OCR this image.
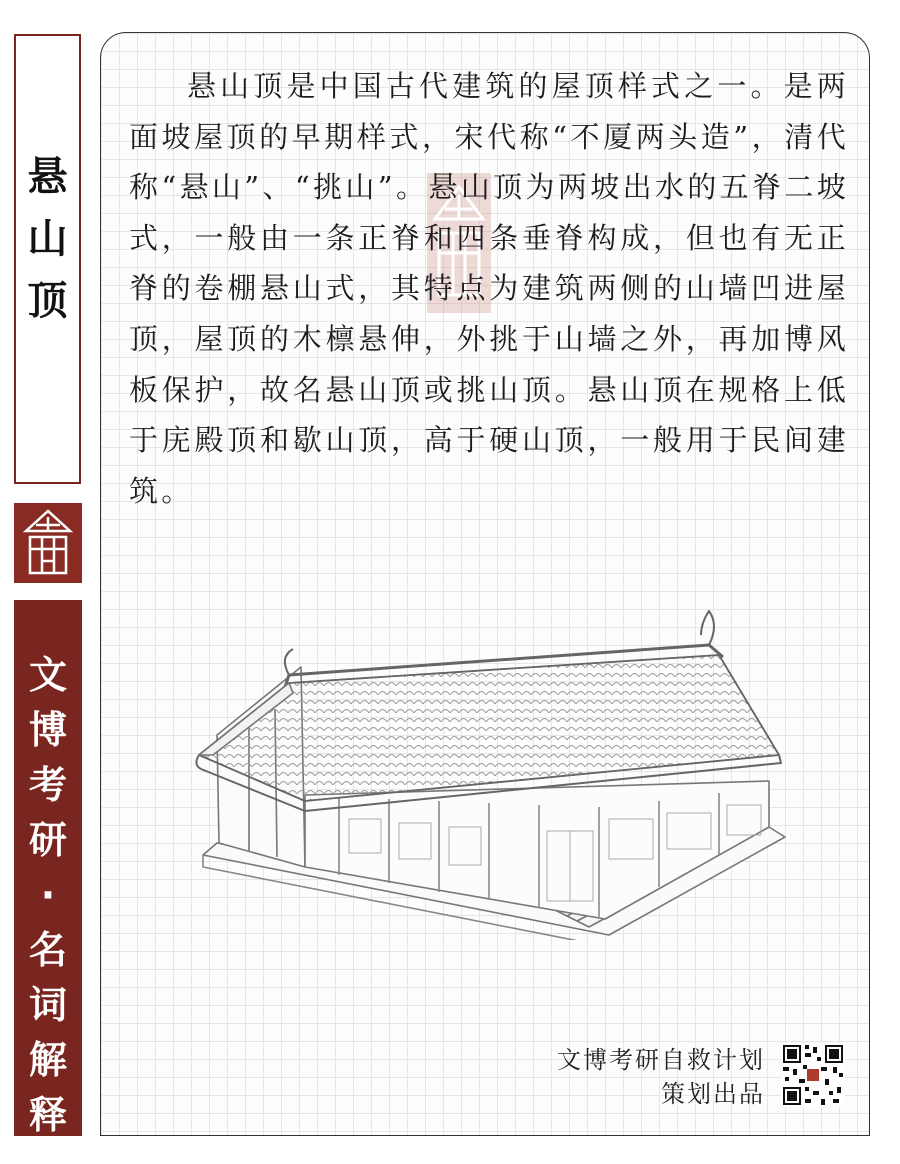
悬
山
顶
文
博
考
研
·
名
词
解
释

悬山顶是中国古代建筑的屋顶样式之一。是两面坡屋顶的早期样式，宋代称“不厦两头造”，清代称“悬山”、“挑山”。悬山顶为两坡出水的五脊二坡式，一般由一条正脊和四条垂脊构成，但也有无正脊的卷棚悬山式，其特点为建筑两侧的山墙凹进屋顶，屋顶的木檩悬伸，外挑于山墙之外，再加博风板保护，故名悬山顶或挑山顶。悬山顶在规格上低于庑殿顶和歇山顶，高于硬山顶，一般用于民间建筑。

文博考研自救计划
策划出品
